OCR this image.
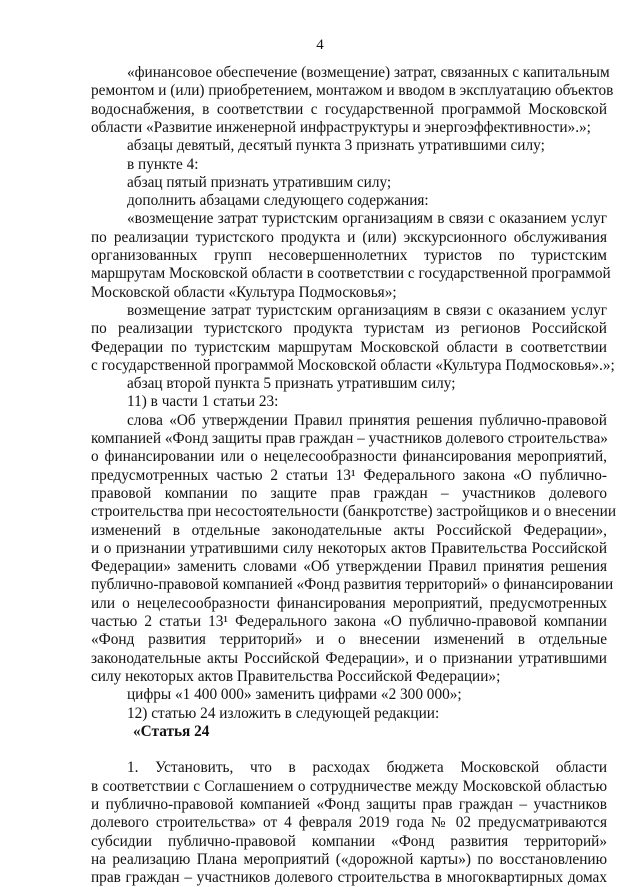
4
«финансовое обеспечение (возмещение) затрат, связанных с капитальным
ремонтом и (или) приобретением, монтажом и вводом в эксплуатацию объектов
водоснабжения, в соответствии с государственной программой Московской
области «Развитие инженерной инфраструктуры и энергоэффективности».»;
абзацы девятый, десятый пункта 3 признать утратившими силу;
в пункте 4:
абзац пятый признать утратившим силу;
дополнить абзацами следующего содержания:
«возмещение затрат туристским организациям в связи с оказанием услуг
по реализации туристского продукта и (или) экскурсионного обслуживания
организованных групп несовершеннолетних туристов по туристским
маршрутам Московской области в соответствии с государственной программой
Московской области «Культура Подмосковья»;
возмещение затрат туристским организациям в связи с оказанием услуг
по реализации туристского продукта туристам из регионов Российской
Федерации по туристским маршрутам Московской области в соответствии
с государственной программой Московской области «Культура Подмосковья».»;
абзац второй пункта 5 признать утратившим силу;
11) в части 1 статьи 23:
слова «Об утверждении Правил принятия решения публично-правовой
компанией «Фонд защиты прав граждан – участников долевого строительства»
о финансировании или о нецелесообразности финансирования мероприятий,
предусмотренных частью 2 статьи 13¹ Федерального закона «О публично-
правовой компании по защите прав граждан – участников долевого
строительства при несостоятельности (банкротстве) застройщиков и о внесении
изменений в отдельные законодательные акты Российской Федерации»,
и о признании утратившими силу некоторых актов Правительства Российской
Федерации» заменить словами «Об утверждении Правил принятия решения
публично-правовой компанией «Фонд развития территорий» о финансировании
или о нецелесообразности финансирования мероприятий, предусмотренных
частью 2 статьи 13¹ Федерального закона «О публично-правовой компании
«Фонд развития территорий» и о внесении изменений в отдельные
законодательные акты Российской Федерации», и о признании утратившими
силу некоторых актов Правительства Российской Федерации»;
цифры «1 400 000» заменить цифрами «2 300 000»;
12) статью 24 изложить в следующей редакции:
«Статья 24
1. Установить, что в расходах бюджета Московской области
в соответствии с Соглашением о сотрудничестве между Московской областью
и публично-правовой компанией «Фонд защиты прав граждан – участников
долевого строительства» от 4 февраля 2019 года № 02 предусматриваются
субсидии публично-правовой компании «Фонд развития территорий»
на реализацию Плана мероприятий («дорожной карты») по восстановлению
прав граждан – участников долевого строительства в многоквартирных домах
